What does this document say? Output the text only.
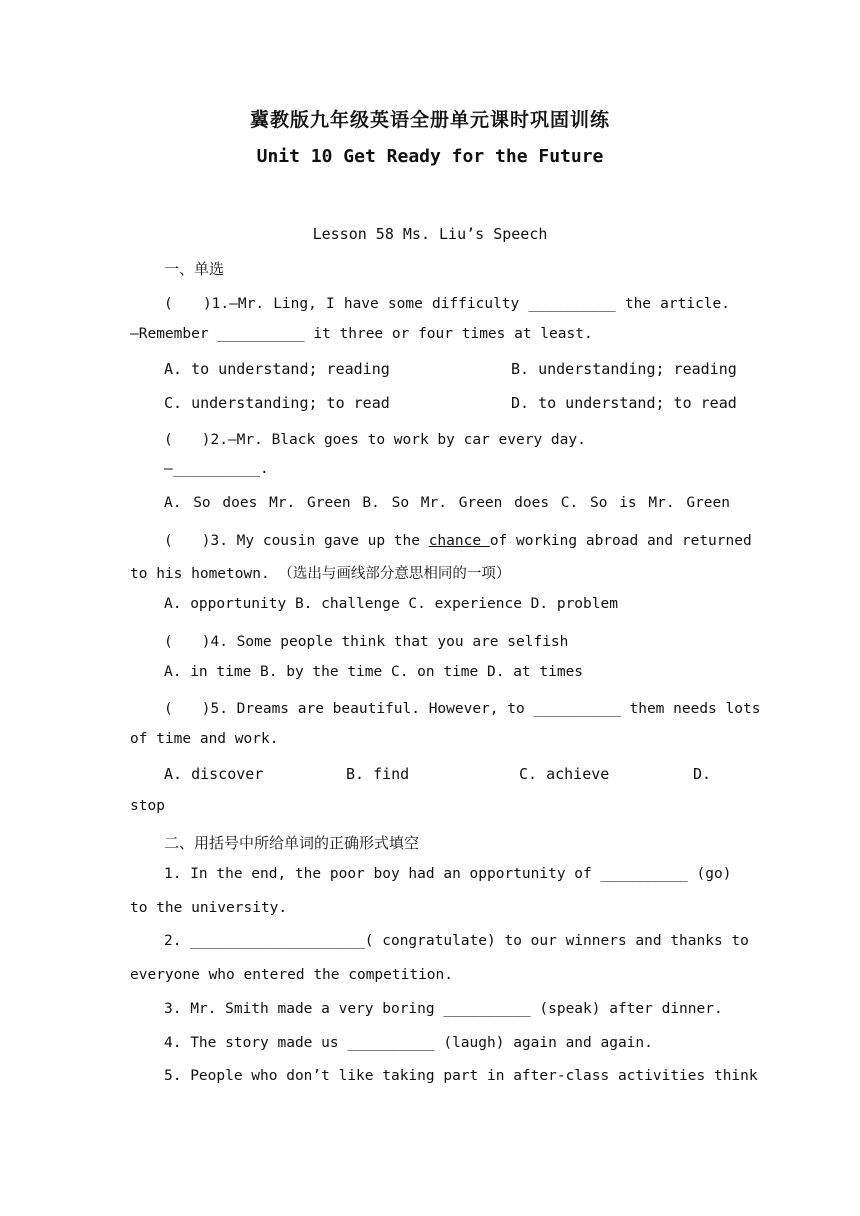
冀教版九年级英语全册单元课时巩固训练
Unit 10 Get Ready for the Future
Lesson 58 Ms. Liu’s Speech
一、单选
(　　)1.—Mr. Ling, I have some difficulty __________ the article.
—Remember __________ it three or four times at least.
A. to understand; reading	B. understanding; reading
C. understanding; to read	D. to understand; to read
(　　)2.—Mr. Black goes to work by car every day.
—__________.
A. So does Mr. Green B. So Mr. Green does C. So is Mr. Green
(　　)3. My cousin gave up the chance of working abroad and returned
to his hometown. （选出与画线部分意思相同的一项）
A. opportunity B. challenge C. experience D. problem
(　　)4. Some people think that you are selfish
A. in time B. by the time C. on time D. at times
(　　)5. Dreams are beautiful. However, to __________ them needs lots
of time and work.
A. discover	B. find	C. achieve	D.
stop
二、用括号中所给单词的正确形式填空
1. In the end, the poor boy had an opportunity of __________ (go)
to the university.
2. ____________________( congratulate) to our winners and thanks to
everyone who entered the competition.
3. Mr. Smith made a very boring __________ (speak) after dinner.
4. The story made us __________ (laugh) again and again.
5. People who don’t like taking part in after-class activities think
